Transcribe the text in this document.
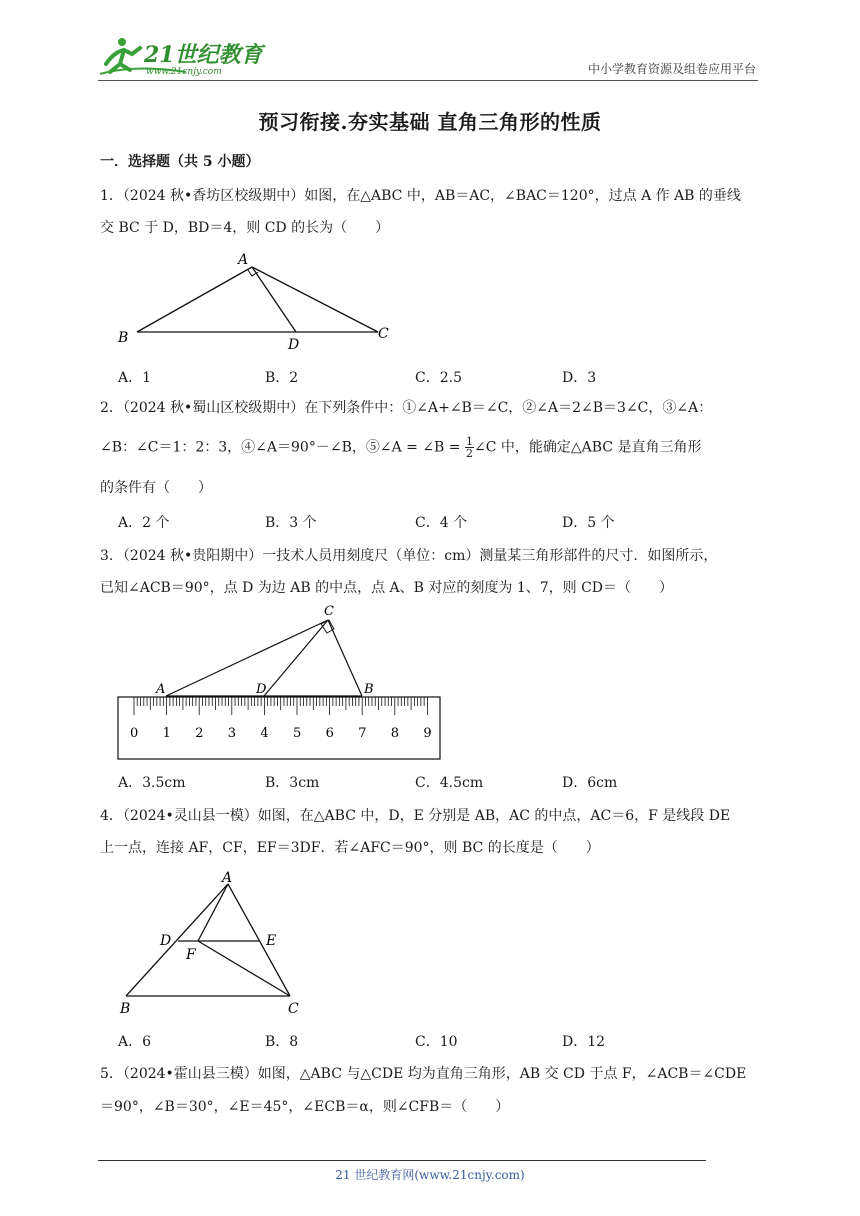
21世纪教育
www.21cnjy.com	中小学教育资源及组卷应用平台
预习衔接.夯实基础 直角三角形的性质
一．选择题（共 5 小题）
1．（2024 秋•香坊区校级期中）如图，在△ABC 中，AB＝AC，∠BAC＝120°，过点 A 作 AB 的垂线
交 BC 于 D，BD＝4，则 CD 的长为（　　）
A
B	C
D
A．1	B．2	C．2.5	D．3
2．（2024 秋•蜀山区校级期中）在下列条件中：①∠A+∠B＝∠C，②∠A＝2∠B＝3∠C，③∠A：
∠B：∠C＝1：2：3，④∠A＝90°－∠B，⑤∠A = ∠B = $\frac{1}{2}$ ∠C 中，能确定△ABC 是直角三角形
的条件有（　　）
A．2 个	B．3 个	C．4 个	D．5 个
3．（2024 秋•贵阳期中）一技术人员用刻度尺（单位：cm）测量某三角形部件的尺寸．如图所示，
已知∠ACB＝90°，点 D 为边 AB 的中点，点 A、B 对应的刻度为 1、7，则 CD＝（　　）
C
A	D	B
0 1 2 3 4 5 6 7 8 9
A．3.5cm	B．3cm	C．4.5cm	D．6cm
4．（2024•灵山县一模）如图，在△ABC 中，D，E 分别是 AB，AC 的中点，AC＝6，F 是线段 DE
上一点，连接 AF，CF，EF＝3DF．若∠AFC＝90°，则 BC 的长度是（　　）
A
B	C
D	E
F
A．6	B．8	C．10	D．12
5．（2024•霍山县三模）如图，△ABC 与△CDE 均为直角三角形，AB 交 CD 于点 F，∠ACB＝∠CDE
＝90°，∠B＝30°，∠E＝45°，∠ECB＝α，则∠CFB＝（　　）
21 世纪教育网(www.21cnjy.com)
